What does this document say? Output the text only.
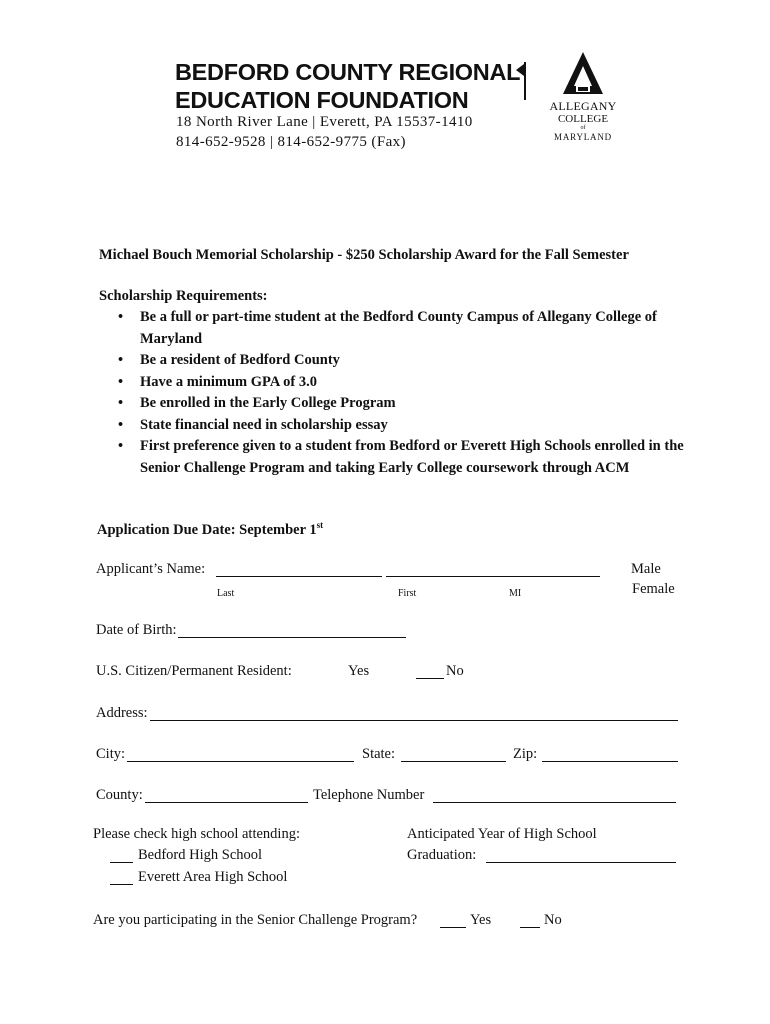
BEDFORD COUNTY REGIONAL
EDUCATION FOUNDATION
18 North River Lane | Everett, PA 15537-1410
814-652-9528 | 814-652-9775 (Fax)
ALLEGANY
COLLEGE
of
MARYLAND
Michael Bouch Memorial Scholarship - $250 Scholarship Award for the Fall Semester
Scholarship Requirements:
• Be a full or part-time student at the Bedford County Campus of Allegany College of Maryland
• Be a resident of Bedford County
• Have a minimum GPA of 3.0
• Be enrolled in the Early College Program
• State financial need in scholarship essay
• First preference given to a student from Bedford or Everett High Schools enrolled in the Senior Challenge Program and taking Early College coursework through ACM
Application Due Date: September 1st
Applicant’s Name:
Last	First	MI
Male
Female
Date of Birth:
U.S. Citizen/Permanent Resident:	Yes	No
Address:
City:	State:	Zip:
County:	Telephone Number
Please check high school attending:
Bedford High School
Everett Area High School
Anticipated Year of High School
Graduation:
Are you participating in the Senior Challenge Program?	Yes	No
